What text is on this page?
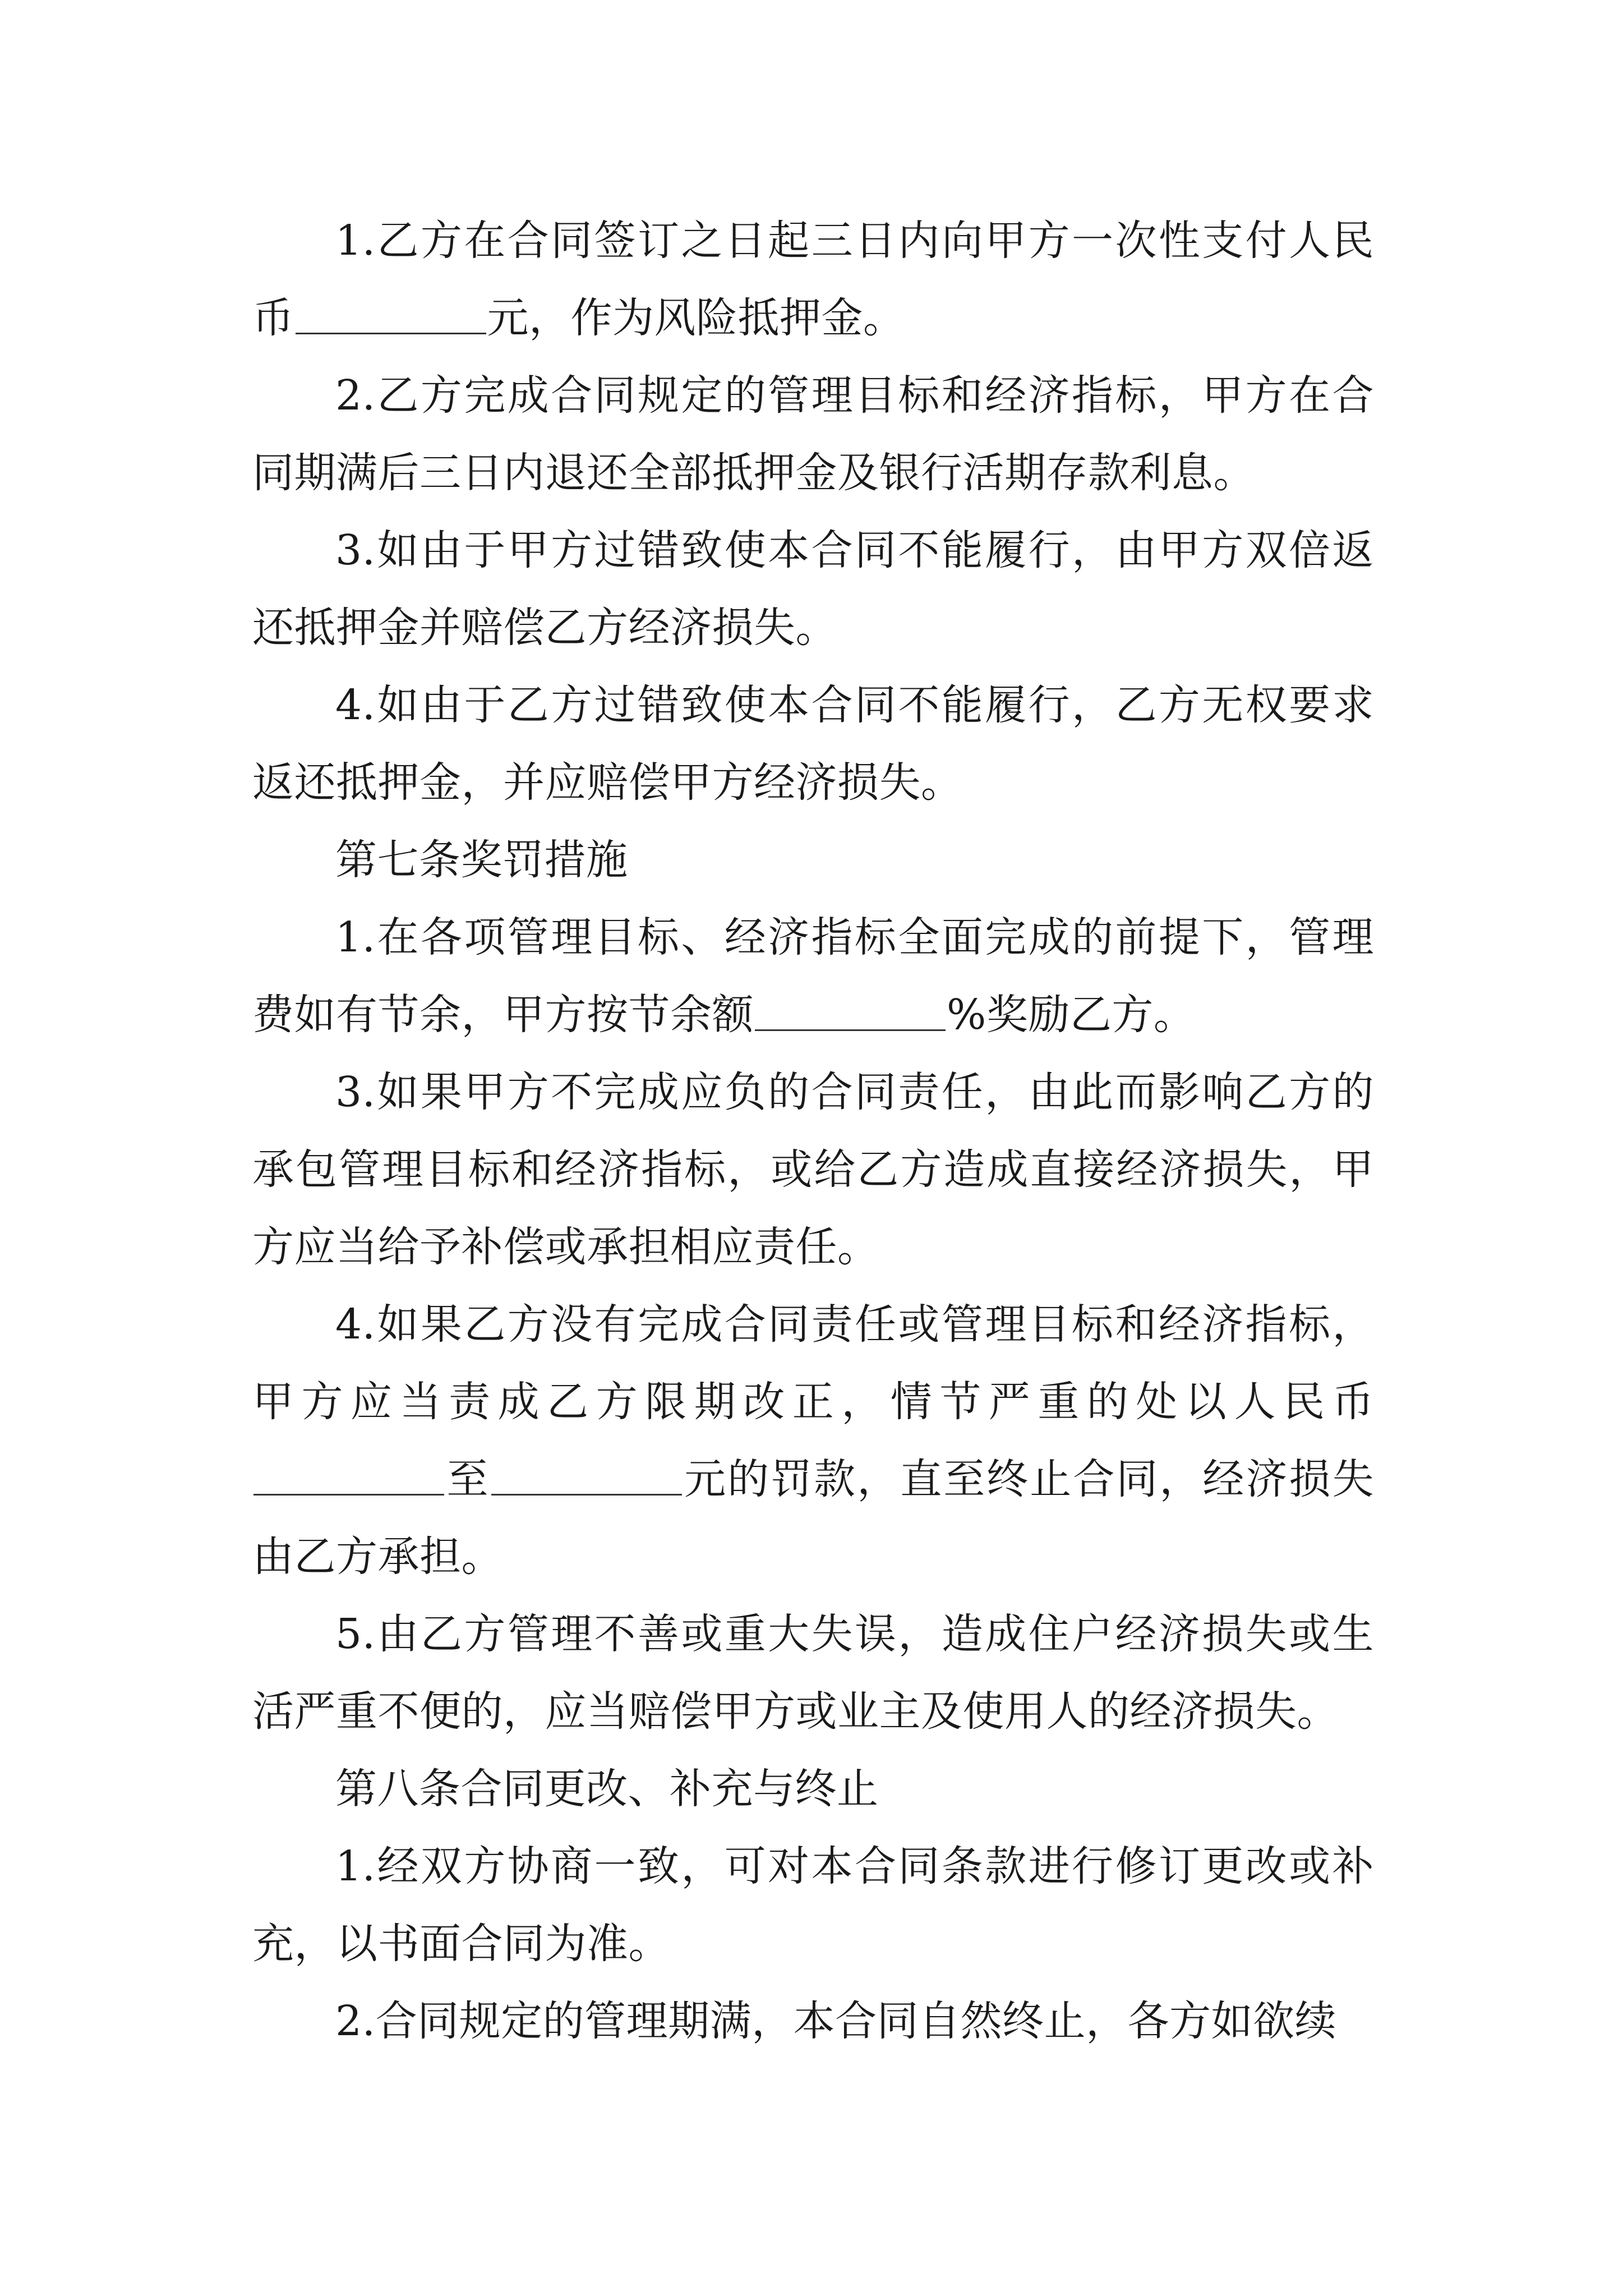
1.乙方在合同签订之日起三日内向甲方一次性支付人民币	元，作为风险抵押金。

2.乙方完成合同规定的管理目标和经济指标，甲方在合同期满后三日内退还全部抵押金及银行活期存款利息。

3.如由于甲方过错致使本合同不能履行，由甲方双倍返还抵押金并赔偿乙方经济损失。

4.如由于乙方过错致使本合同不能履行，乙方无权要求返还抵押金，并应赔偿甲方经济损失。

第七条奖罚措施

1.在各项管理目标、经济指标全面完成的前提下，管理费如有节余，甲方按节余额	%奖励乙方。

3.如果甲方不完成应负的合同责任，由此而影响乙方的承包管理目标和经济指标，或给乙方造成直接经济损失，甲方应当给予补偿或承担相应责任。

4.如果乙方没有完成合同责任或管理目标和经济指标，甲方应当责成乙方限期改正，情节严重的处以人民币至	元的罚款，直至终止合同，经济损失由乙方承担。

5.由乙方管理不善或重大失误，造成住户经济损失或生活严重不便的，应当赔偿甲方或业主及使用人的经济损失。

第八条合同更改、补充与终止

1.经双方协商一致，可对本合同条款进行修订更改或补充，以书面合同为准。

2.合同规定的管理期满，本合同自然终止，各方如欲续
